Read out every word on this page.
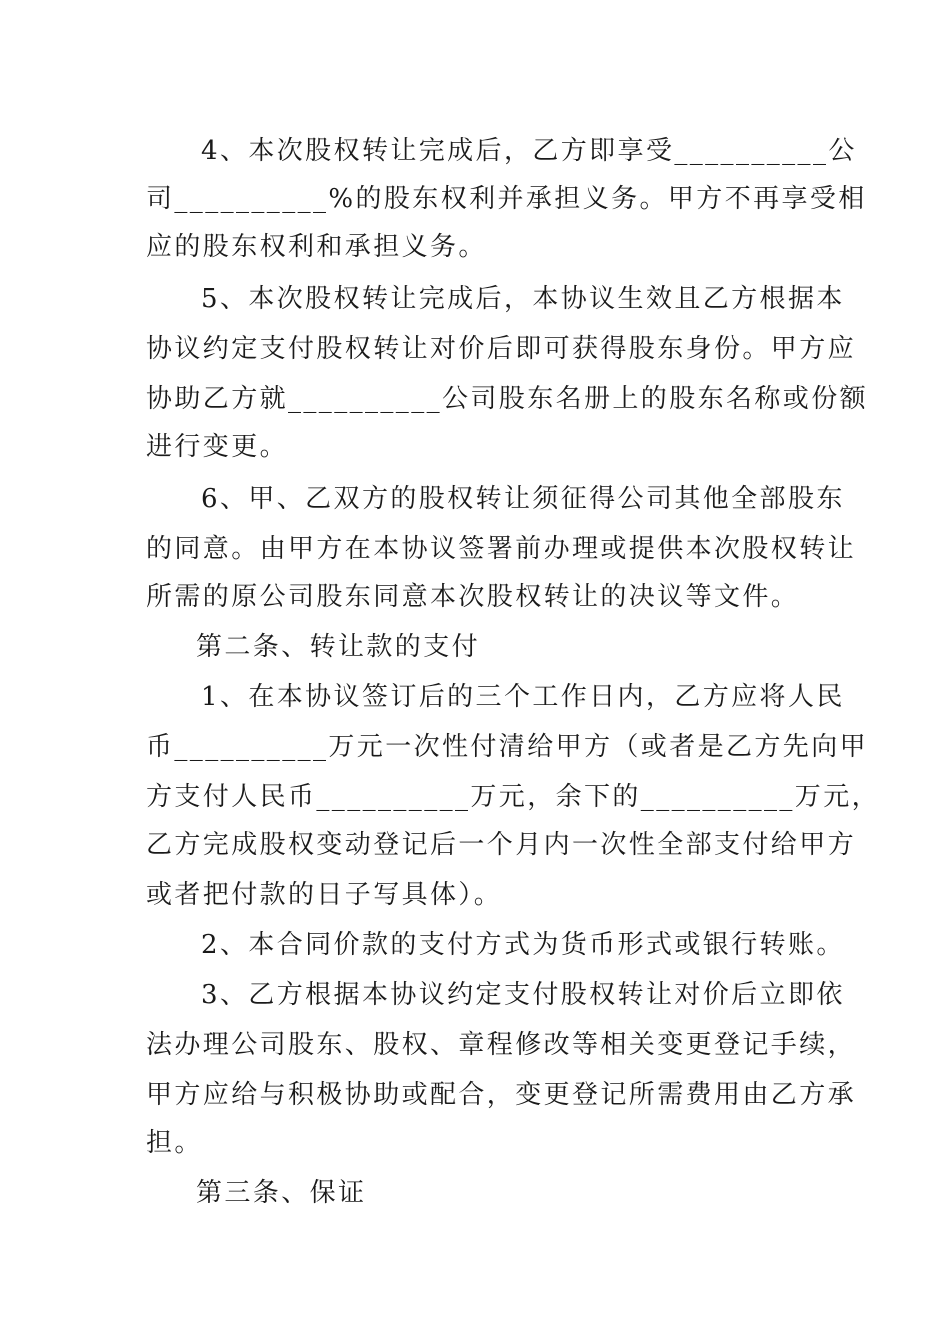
4、本次股权转让完成后，乙方即享受__________公
司__________%的股东权利并承担义务。甲方不再享受相
应的股东权利和承担义务。
5、本次股权转让完成后，本协议生效且乙方根据本
协议约定支付股权转让对价后即可获得股东身份。甲方应
协助乙方就__________公司股东名册上的股东名称或份额
进行变更。
6、甲、乙双方的股权转让须征得公司其他全部股东
的同意。由甲方在本协议签署前办理或提供本次股权转让
所需的原公司股东同意本次股权转让的决议等文件。
第二条、转让款的支付
1、在本协议签订后的三个工作日内，乙方应将人民
币__________万元一次性付清给甲方（或者是乙方先向甲
方支付人民币__________万元，余下的__________万元，
乙方完成股权变动登记后一个月内一次性全部支付给甲方
或者把付款的日子写具体）。
2、本合同价款的支付方式为货币形式或银行转账。
3、乙方根据本协议约定支付股权转让对价后立即依
法办理公司股东、股权、章程修改等相关变更登记手续，
甲方应给与积极协助或配合，变更登记所需费用由乙方承
担。
第三条、保证
